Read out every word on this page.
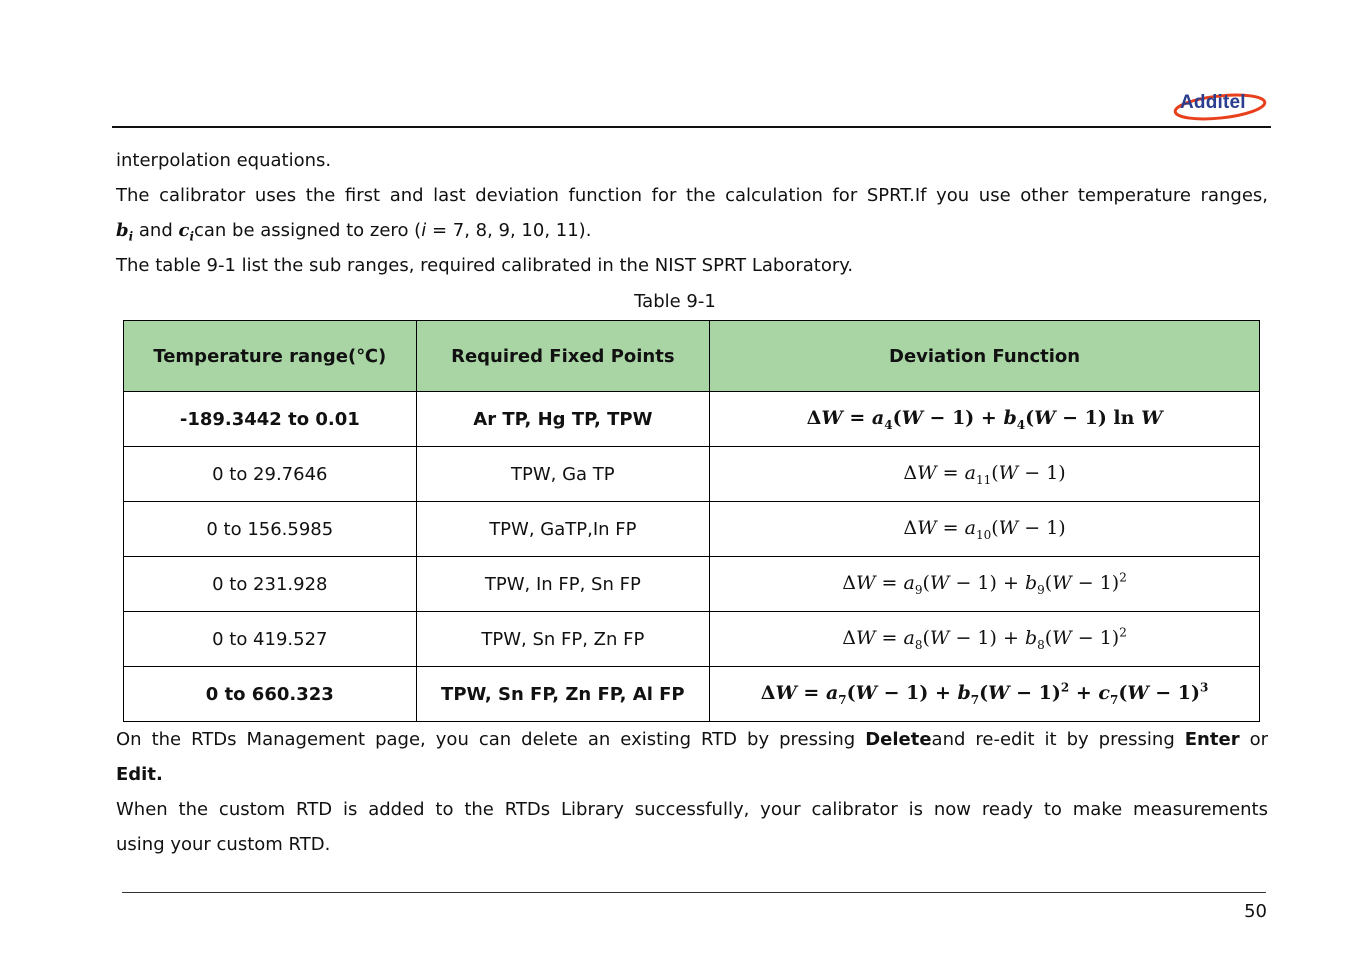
Additel
interpolation equations.
The calibrator uses the first and last deviation function for the calculation for SPRT.If you use other temperature ranges,
$b_i$ and $c_ican$ be assigned to zero (i = 7, 8, 9, 10, 11).
The table 9-1 list the sub ranges, required calibrated in the NIST SPRT Laboratory.
Table 9-1
Temperature range(℃)	Required Fixed Points	Deviation Function
-189.3442 to 0.01	Ar TP, Hg TP, TPW	$\Delta W = a_4(W - 1) + b_4(W - 1)$ ln W
0 to 29.7646	TPW, Ga TP	$\Delta W = a_{11}(W - 1)$
0 to 156.5985	TPW, GaTP,In FP	$\Delta W = a_{10}(W - 1)$
0 to 231.928	TPW, In FP, Sn FP	$\Delta W = a_9(W - 1) + b_9(W - 1)^2$
0 to 419.527	TPW, Sn FP, Zn FP	$\Delta W = a_8(W - 1) + b_8(W - 1)^2$
0 to 660.323	TPW, Sn FP, Zn FP, Al FP	$\Delta W = a_7(W - 1) + b_7(W - 1)^2 + c_7(W - 1)^3$
On the RTDs Management page, you can delete an existing RTD by pressing Deleteand re-edit it by pressing Enter or
Edit.
When the custom RTD is added to the RTDs Library successfully, your calibrator is now ready to make measurements
using your custom RTD.
50
